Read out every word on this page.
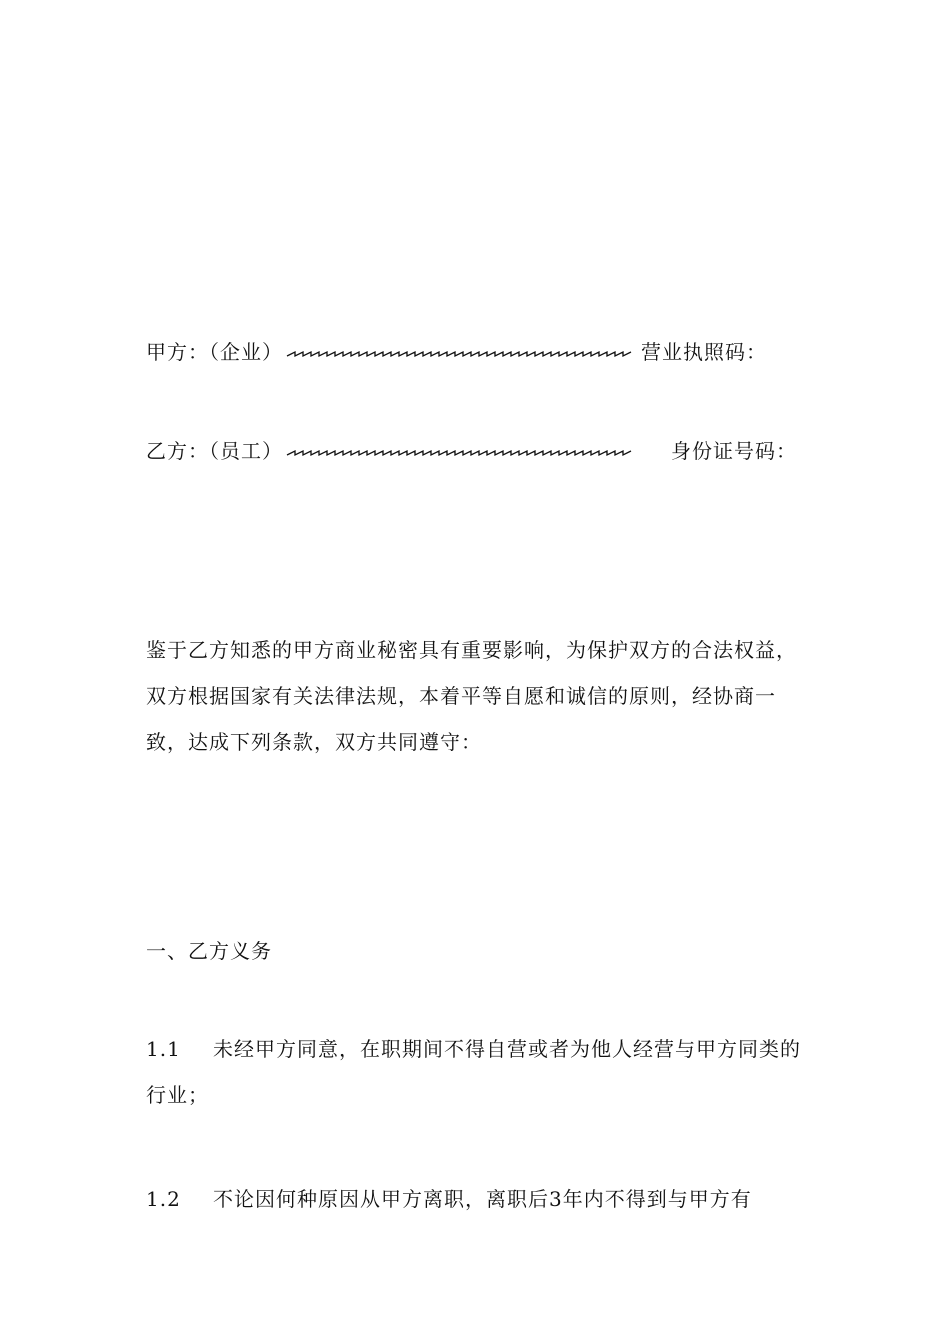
甲方：（企业）	营业执照码：
乙方：（员工）	身份证号码：
鉴于乙方知悉的甲方商业秘密具有重要影响，为保护双方的合法权益，双方根据国家有关法律法规，本着平等自愿和诚信的原则，经协商一致，达成下列条款，双方共同遵守：
一、乙方义务
1.1 未经甲方同意，在职期间不得自营或者为他人经营与甲方同类的行业；
1.2 不论因何种原因从甲方离职，离职后3年内不得到与甲方有
